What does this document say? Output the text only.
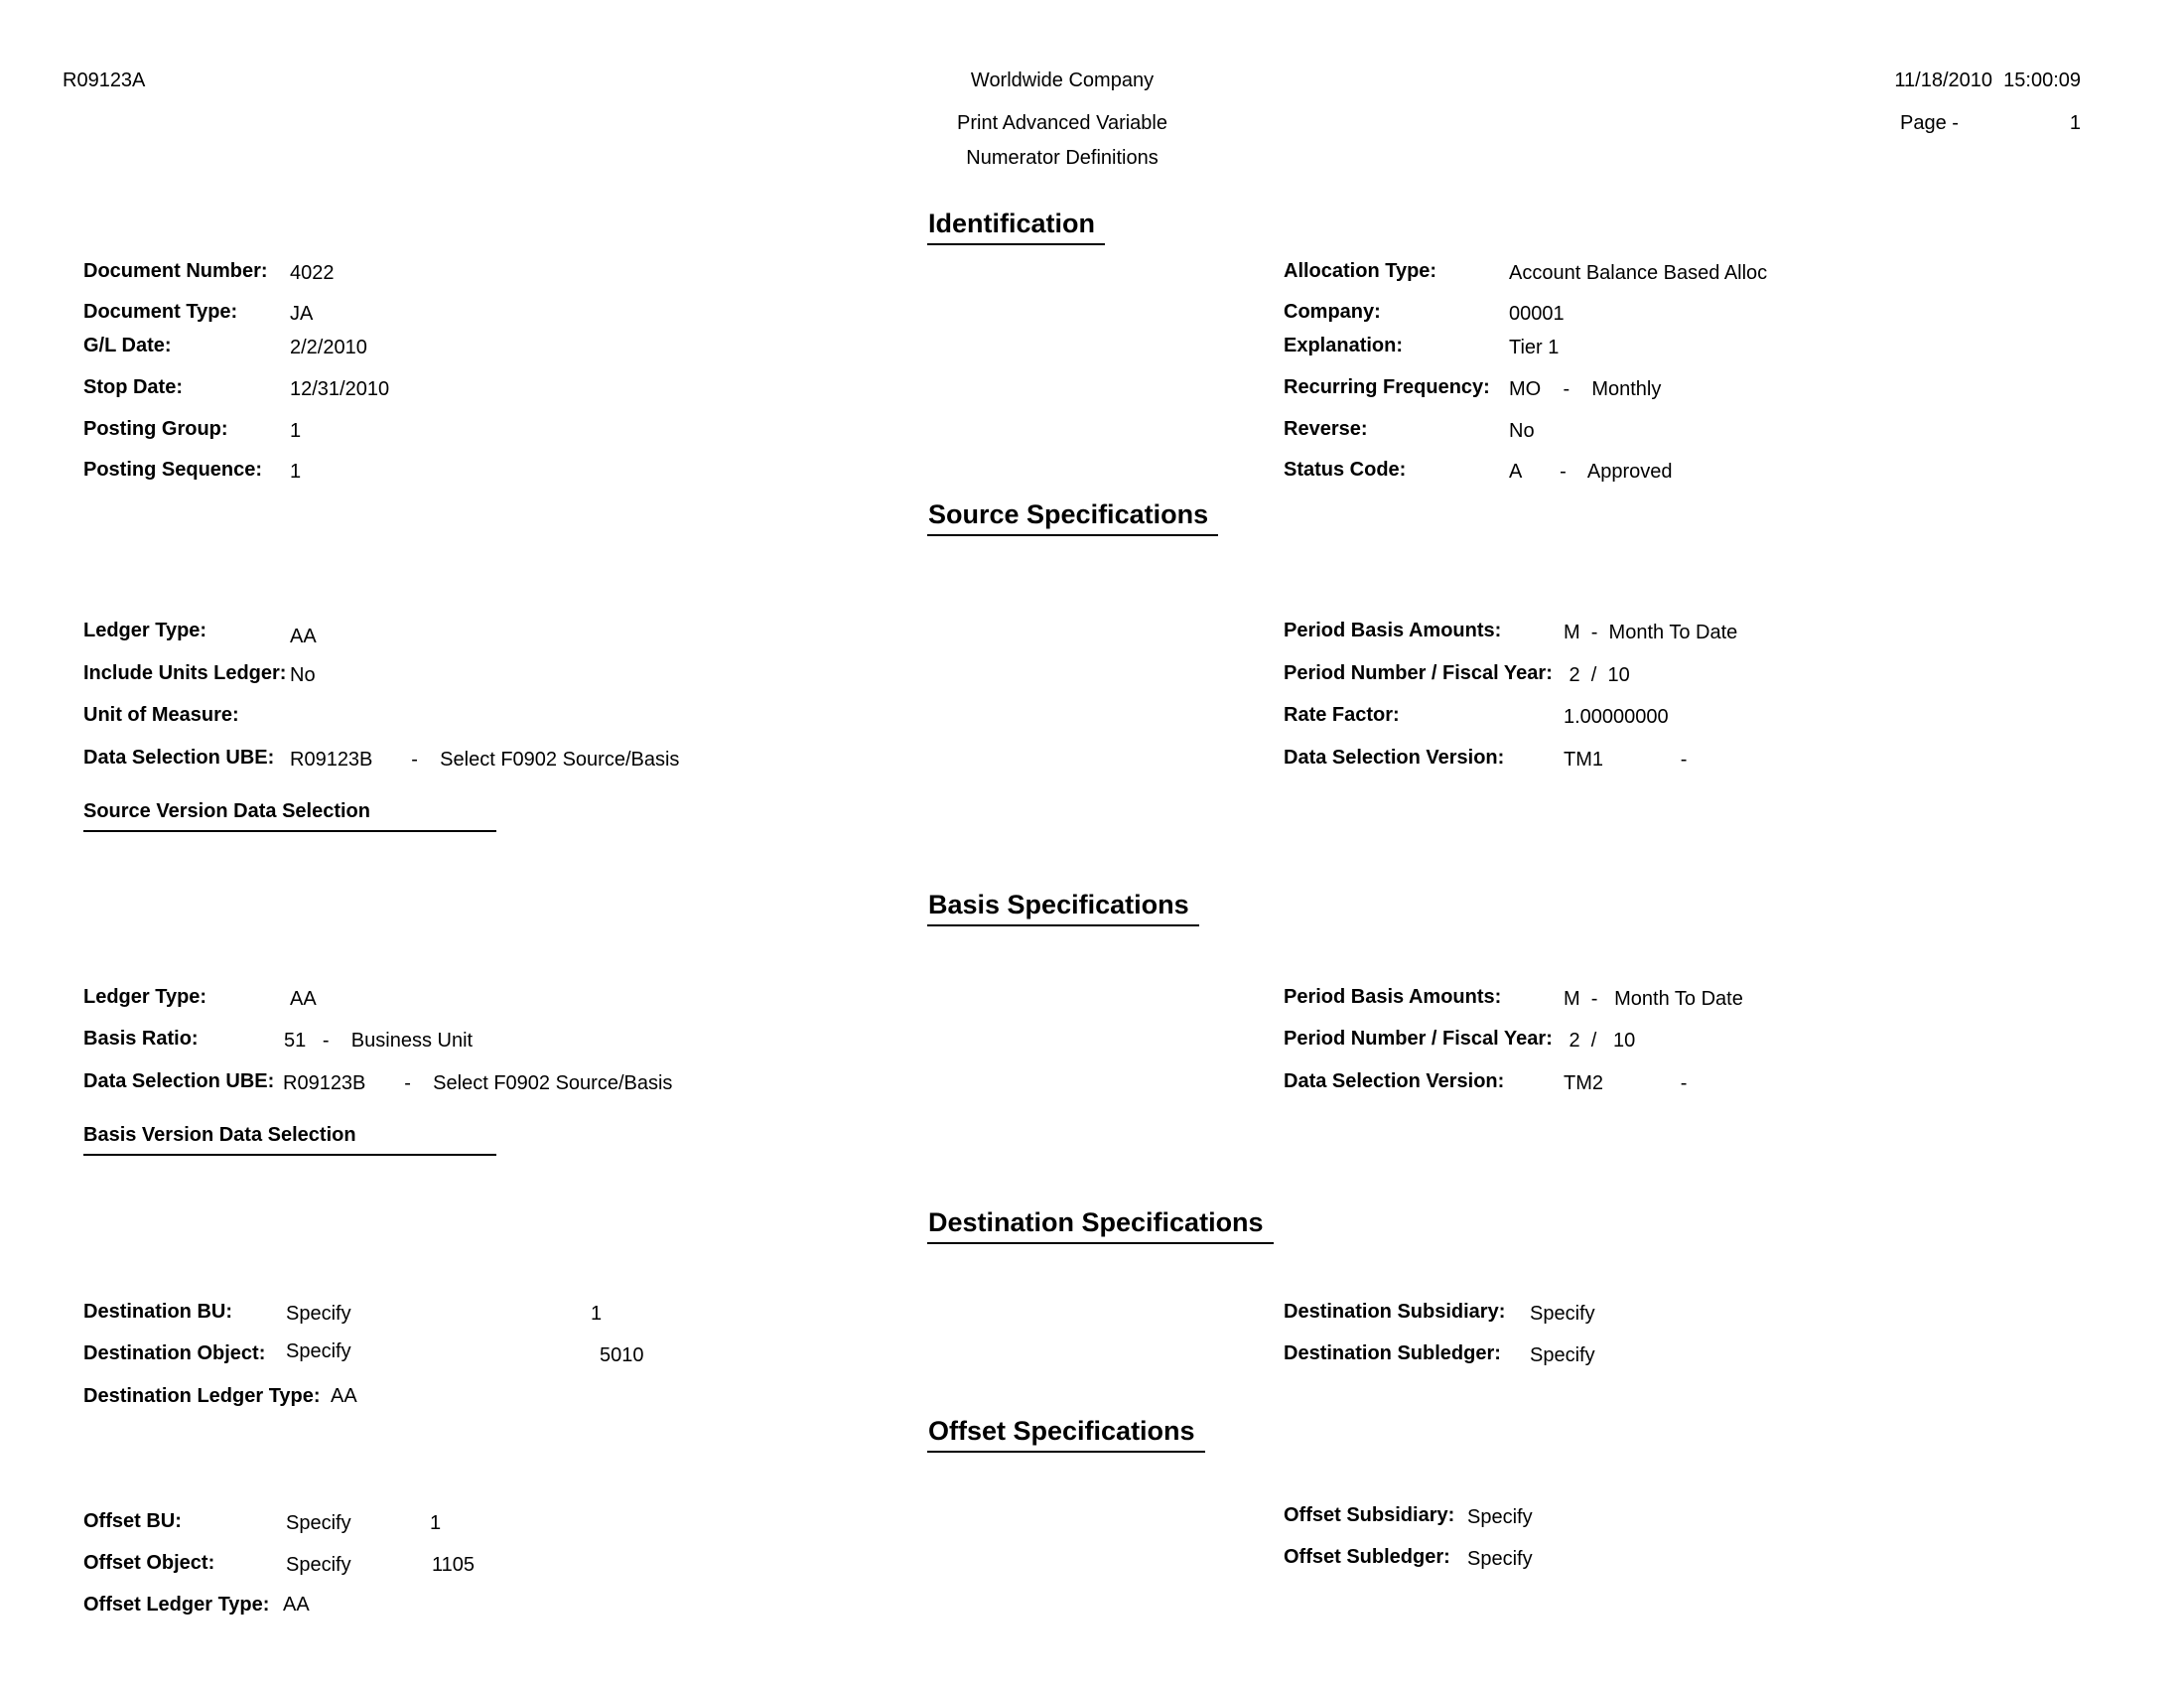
R09123A	Worldwide Company	11/18/2010  15:00:09
Print Advanced Variable	Page -	1
Numerator Definitions
Identification
Document Number: 4022
Document Type:	JA
G/L Date:	2/2/2010
Stop Date:	12/31/2010
Posting Group:	1
Posting Sequence: 1
Allocation Type:	Account Balance Based Alloc
Company:	00001
Explanation:	Tier 1
Recurring Frequency: MO    -    Monthly
Reverse:	No
Status Code:	A       -    Approved
Source Specifications
Ledger Type:	AA
Include Units Ledger: No
Unit of Measure:
Data Selection UBE: R09123B       -    Select F0902 Source/Basis
Source Version Data Selection
Period Basis Amounts:	M  -  Month To Date
Period Number / Fiscal Year: 2  /  10
Rate Factor:	1.00000000
Data Selection Version:	TM1              -
Basis Specifications
Ledger Type:	AA
Basis Ratio:	51   -    Business Unit
Data Selection UBE: R09123B       -    Select F0902 Source/Basis
Basis Version Data Selection
Period Basis Amounts:	M  -   Month To Date
Period Number / Fiscal Year: 2  /   10
Data Selection Version:	TM2              -
Destination Specifications
Destination BU:	Specify	1
Destination Object: Specify	5010
Destination Ledger Type: AA
Destination Subsidiary: Specify
Destination Subledger: Specify
Offset Specifications
Offset BU:	Specify	1
Offset Object:	Specify	1105
Offset Ledger Type: AA
Offset Subsidiary: Specify
Offset Subledger: Specify
